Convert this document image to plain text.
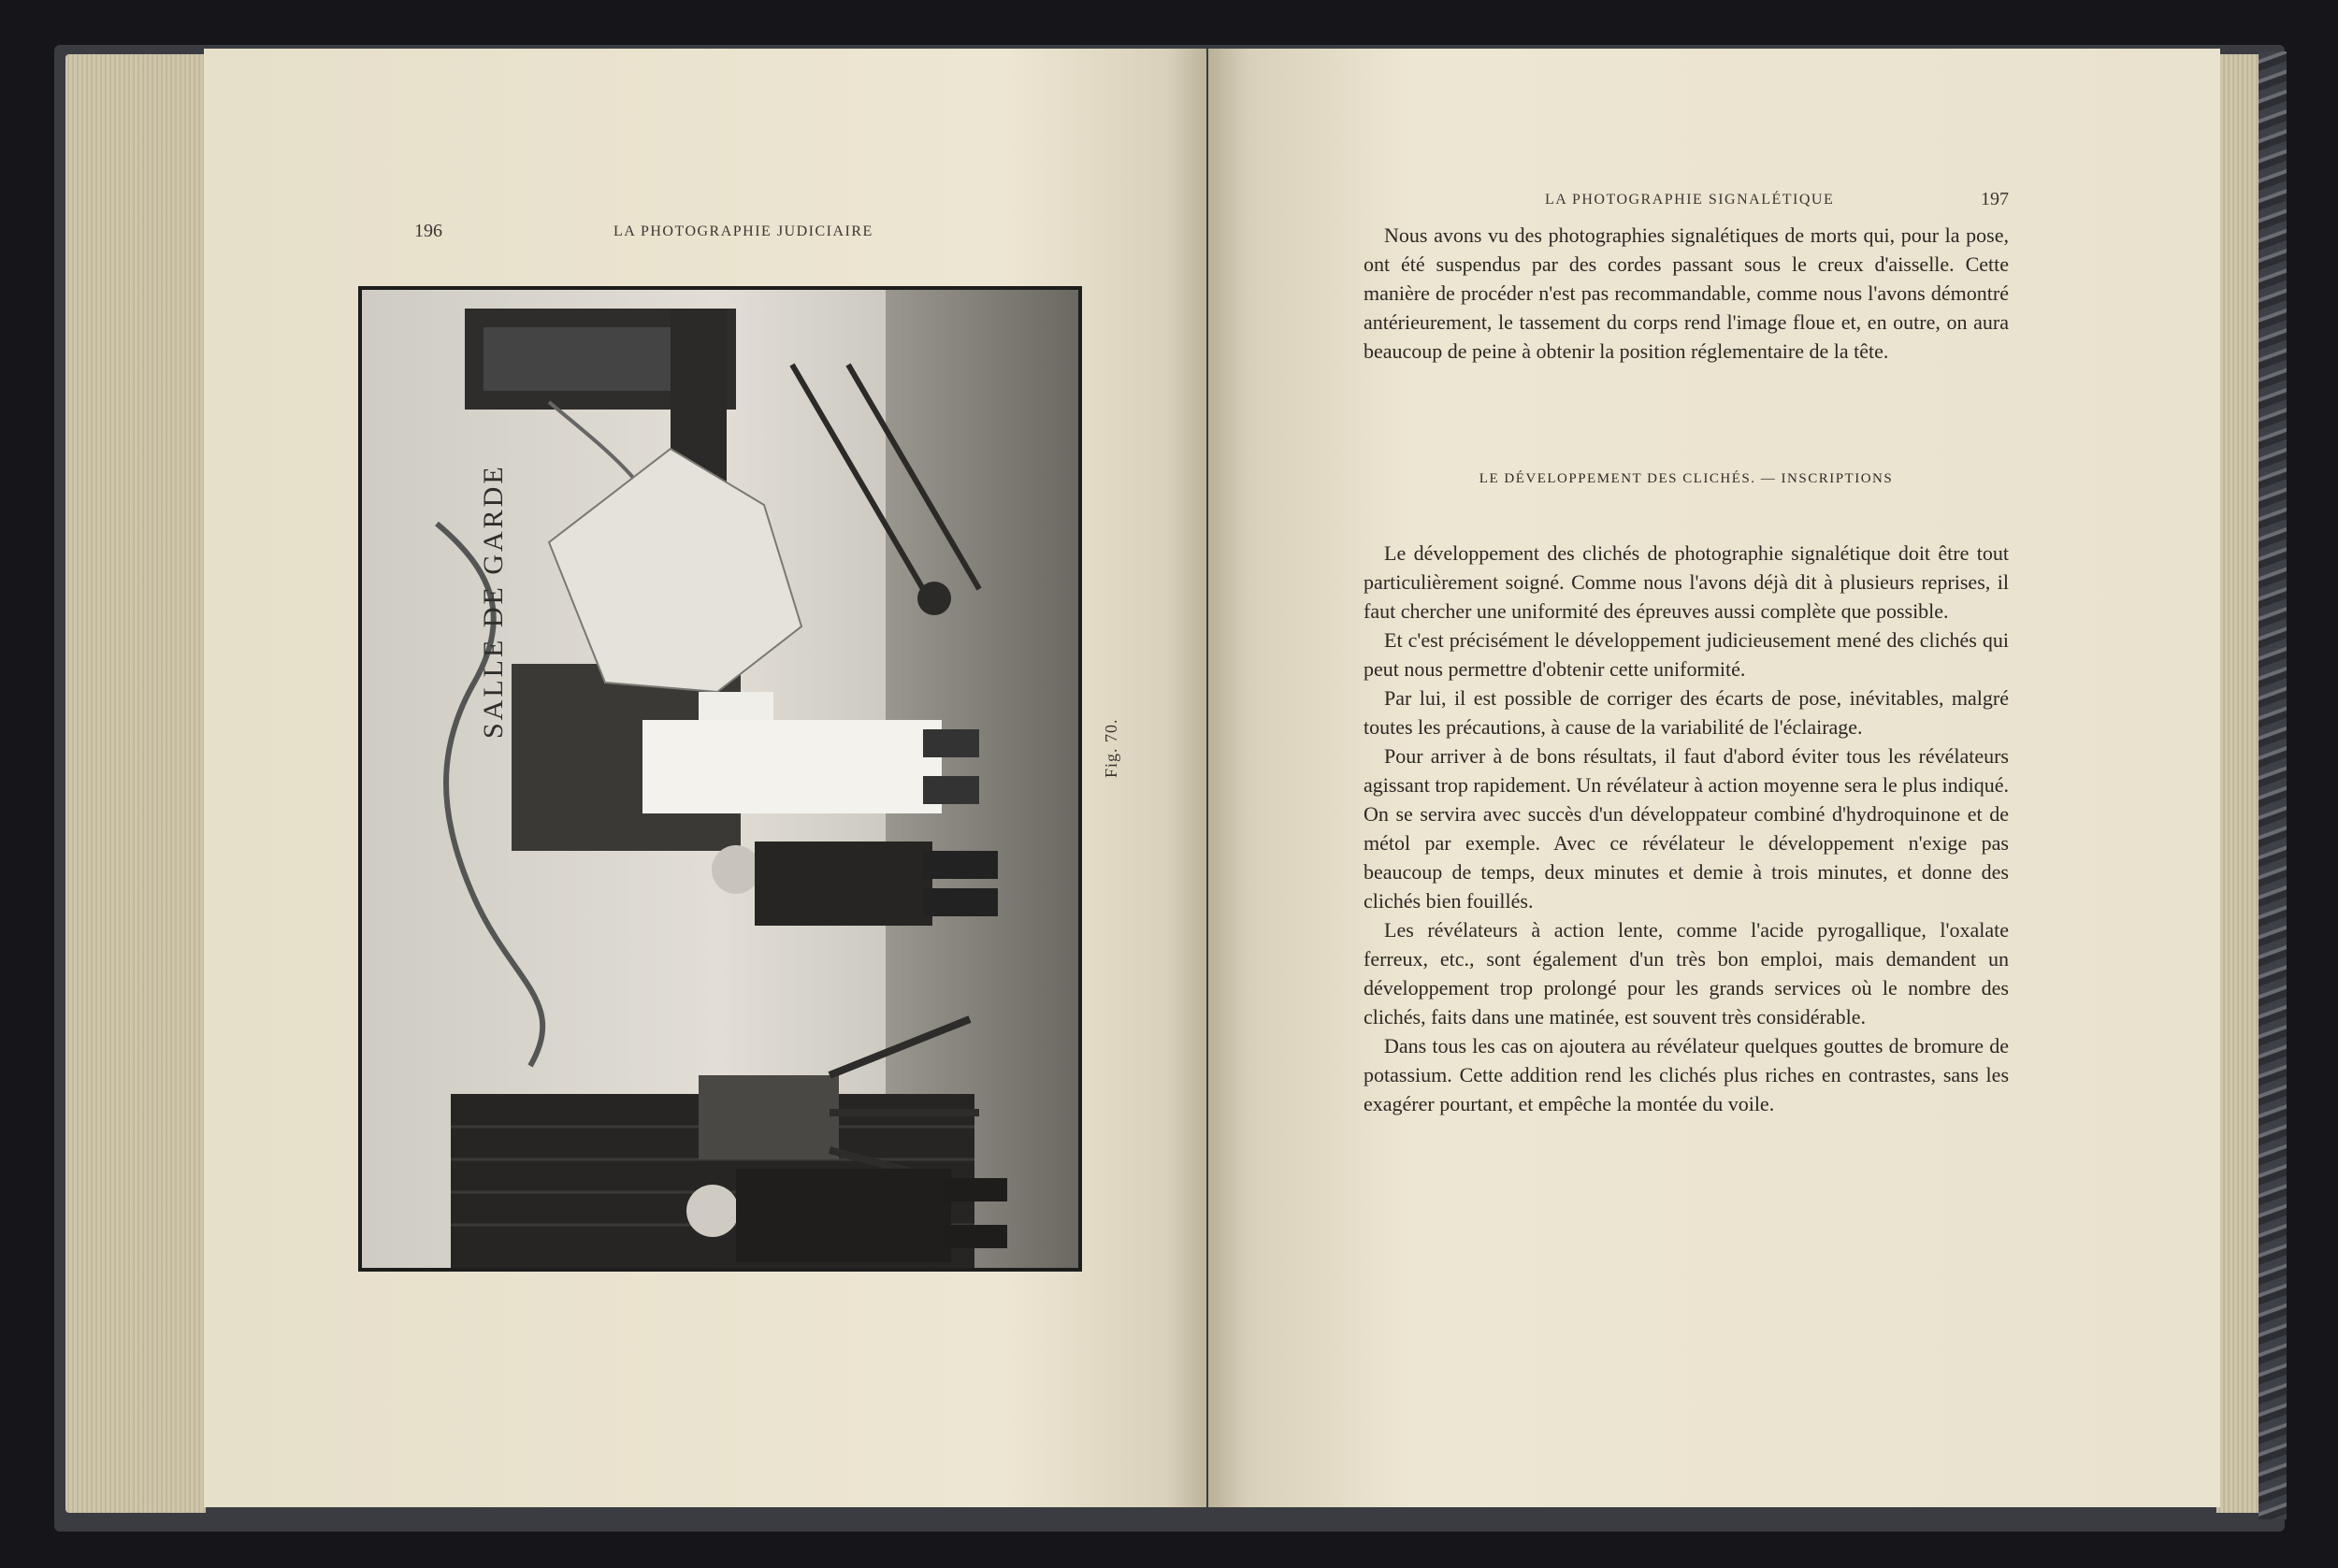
196	LA PHOTOGRAPHIE JUDICIAIRE
SALLE DE GARDE
Fig. 70.
LA PHOTOGRAPHIE SIGNALÉTIQUE	197

Nous avons vu des photographies signalétiques de morts qui, pour la pose, ont été suspendus par des cordes passant sous le creux d'aisselle. Cette manière de procéder n'est pas recommandable, comme nous l'avons démontré antérieurement, le tassement du corps rend l'image floue et, en outre, on aura beaucoup de peine à obtenir la position réglementaire de la tête.

LE DÉVELOPPEMENT DES CLICHÉS. — INSCRIPTIONS

Le développement des clichés de photographie signalétique doit être tout particulièrement soigné. Comme nous l'avons déjà dit à plusieurs reprises, il faut chercher une uniformité des épreuves aussi complète que possible.

Et c'est précisément le développement judicieusement mené des clichés qui peut nous permettre d'obtenir cette uniformité.

Par lui, il est possible de corriger des écarts de pose, inévitables, malgré toutes les précautions, à cause de la variabilité de l'éclairage.

Pour arriver à de bons résultats, il faut d'abord éviter tous les révélateurs agissant trop rapidement. Un révélateur à action moyenne sera le plus indiqué. On se servira avec succès d'un développateur combiné d'hydroquinone et de métol par exemple. Avec ce révélateur le développement n'exige pas beaucoup de temps, deux minutes et demie à trois minutes, et donne des clichés bien fouillés.

Les révélateurs à action lente, comme l'acide pyrogallique, l'oxalate ferreux, etc., sont également d'un très bon emploi, mais demandent un développement trop prolongé pour les grands services où le nombre des clichés, faits dans une matinée, est souvent très considérable.

Dans tous les cas on ajoutera au révélateur quelques gouttes de bromure de potassium. Cette addition rend les clichés plus riches en contrastes, sans les exagérer pourtant, et empêche la montée du voile.
